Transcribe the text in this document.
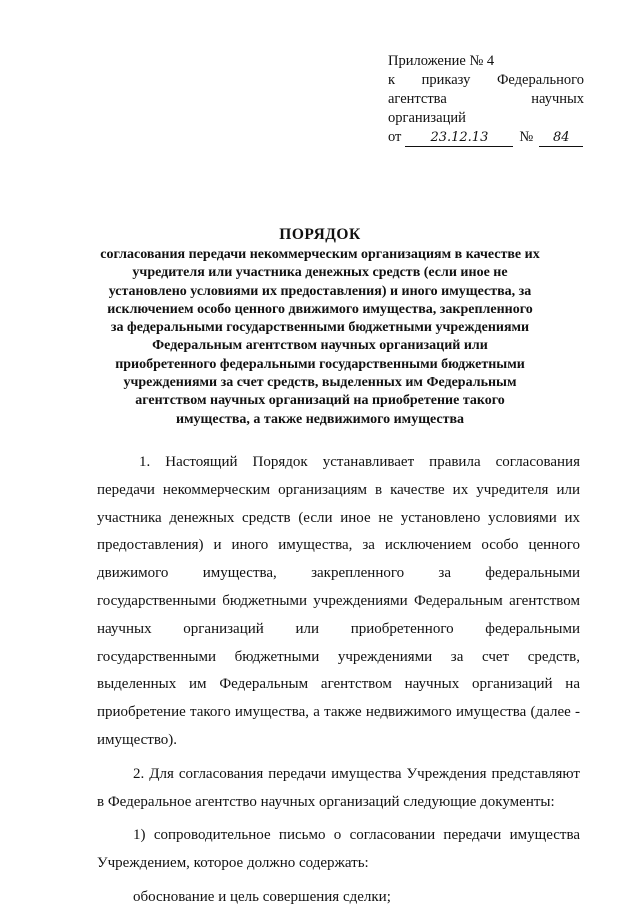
Приложение № 4
к приказу Федерального
агентства	научных
организаций
от	23.12.13	№	84
ПОРЯДОК
согласования передачи некоммерческим организациям в качестве их учредителя или участника денежных средств (если иное не установлено условиями их предоставления) и иного имущества, за исключением особо ценного движимого имущества, закрепленного за федеральными государственными бюджетными учреждениями Федеральным агентством научных организаций или приобретенного федеральными государственными бюджетными учреждениями за счет средств, выделенных им Федеральным агентством научных организаций на приобретение такого имущества, а также недвижимого имущества

1. Настоящий Порядок устанавливает правила согласования передачи некоммерческим организациям в качестве их учредителя или участника денежных средств (если иное не установлено условиями их предоставления) и иного имущества, за исключением особо ценного движимого имущества, закрепленного за федеральными государственными бюджетными учреждениями Федеральным агентством научных организаций или приобретенного федеральными государственными бюджетными учреждениями за счет средств, выделенных им Федеральным агентством научных организаций на приобретение такого имущества, а также недвижимого имущества (далее - имущество).

2. Для согласования передачи имущества Учреждения представляют в Федеральное агентство научных организаций следующие документы:

1) сопроводительное письмо о согласовании передачи имущества Учреждением, которое должно содержать:

обоснование и цель совершения сделки;
